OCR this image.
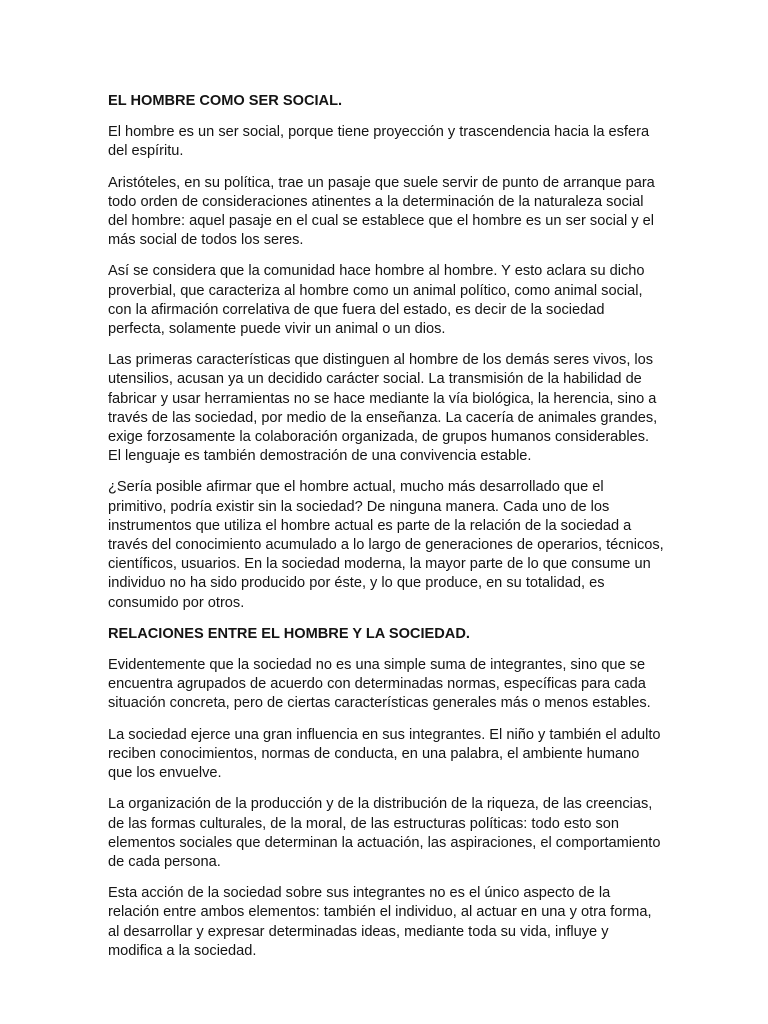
EL HOMBRE COMO SER SOCIAL.

El hombre es un ser social, porque tiene proyección y trascendencia hacia la esfera del espíritu.

Aristóteles, en su política, trae un pasaje que suele servir de punto de arranque para todo orden de consideraciones atinentes a la determinación de la naturaleza social del hombre: aquel pasaje en el cual se establece que el hombre es un ser social y el más social de todos los seres.

Así se considera que la comunidad hace hombre al hombre. Y esto aclara su dicho proverbial, que caracteriza al hombre como un animal político, como animal social, con la afirmación correlativa de que fuera del estado, es decir de la sociedad perfecta, solamente puede vivir un animal o un dios.

Las primeras características que distinguen al hombre de los demás seres vivos, los utensilios, acusan ya un decidido carácter social. La transmisión de la habilidad de fabricar y usar herramientas no se hace mediante la vía biológica, la herencia, sino a través de las sociedad, por medio de la enseñanza. La cacería de animales grandes, exige forzosamente la colaboración organizada, de grupos humanos considerables. El lenguaje es también demostración de una convivencia estable.

¿Sería posible afirmar que el hombre actual, mucho más desarrollado que el primitivo, podría existir sin la sociedad? De ninguna manera. Cada uno de los instrumentos que utiliza el hombre actual es parte de la relación de la sociedad a través del conocimiento acumulado a lo largo de generaciones de operarios, técnicos, científicos, usuarios. En la sociedad moderna, la mayor parte de lo que consume un individuo no ha sido producido por éste, y lo que produce, en su totalidad, es consumido por otros.

RELACIONES ENTRE EL HOMBRE Y LA SOCIEDAD.

Evidentemente que la sociedad no es una simple suma de integrantes, sino que se encuentra agrupados de acuerdo con determinadas normas, específicas para cada situación concreta, pero de ciertas características generales más o menos estables.

La sociedad ejerce una gran influencia en sus integrantes. El niño y también el adulto reciben conocimientos, normas de conducta, en una palabra, el ambiente humano que los envuelve.

La organización de la producción y de la distribución de la riqueza, de las creencias, de las formas culturales, de la moral, de las estructuras políticas: todo esto son elementos sociales que determinan la actuación, las aspiraciones, el comportamiento de cada persona.

Esta acción de la sociedad sobre sus integrantes no es el único aspecto de la relación entre ambos elementos: también el individuo, al actuar en una y otra forma, al desarrollar y expresar determinadas ideas, mediante toda su vida, influye y modifica a la sociedad.
